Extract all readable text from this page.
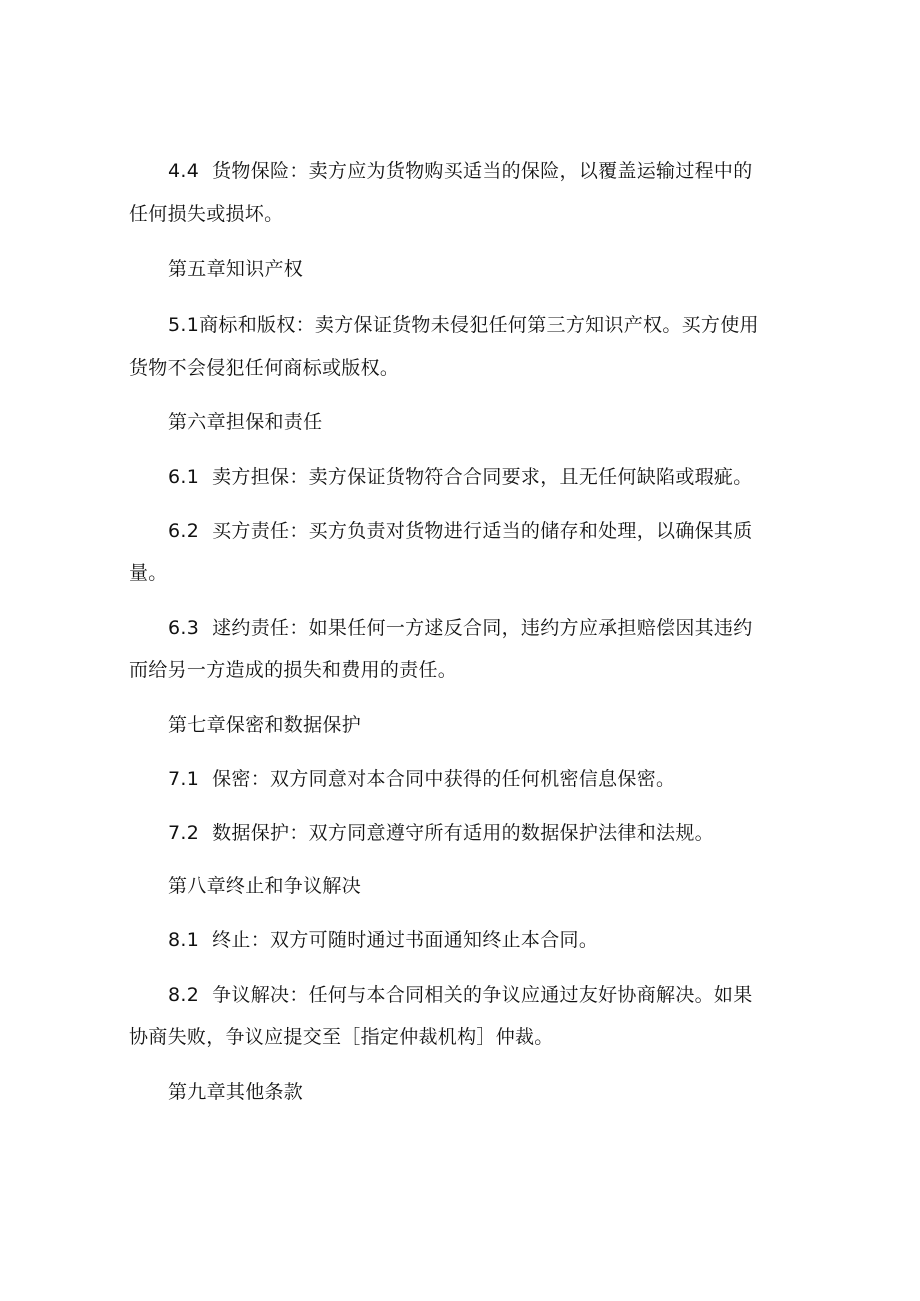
4.4 货物保险：卖方应为货物购买适当的保险，以覆盖运输过程中的
任何损失或损坏。
第五章知识产权
5.1商标和版权：卖方保证货物未侵犯任何第三方知识产权。买方使用
货物不会侵犯任何商标或版权。
第六章担保和责任
6.1 卖方担保：卖方保证货物符合合同要求，且无任何缺陷或瑕疵。
6.2 买方责任：买方负责对货物进行适当的储存和处理，以确保其质
量。
6.3 逑约责任：如果任何一方逑反合同，违约方应承担赔偿因其违约
而给另一方造成的损失和费用的责任。
第七章保密和数据保护
7.1 保密：双方同意对本合同中获得的任何机密信息保密。
7.2 数据保护：双方同意遵守所有适用的数据保护法律和法规。
第八章终止和争议解决
8.1 终止：双方可随时通过书面通知终止本合同。
8.2 争议解决：任何与本合同相关的争议应通过友好协商解决。如果
协商失败，争议应提交至［指定仲裁机构］仲裁。
第九章其他条款
